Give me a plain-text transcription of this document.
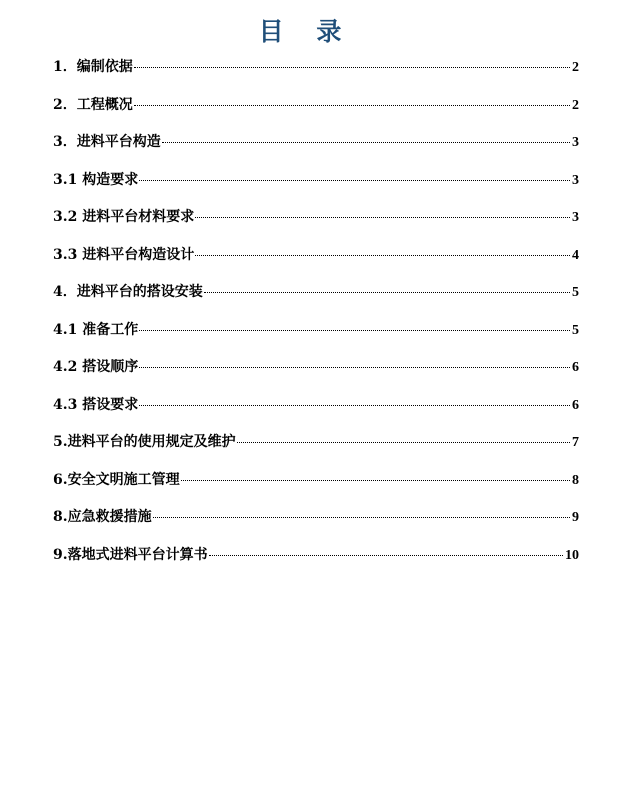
目 录
1．编制依据	2
2．工程概况	2
3．进料平台构造	3
3.1 构造要求	3
3.2 进料平台材料要求	3
3.3 进料平台构造设计	4
4．进料平台的搭设安装	5
4.1 准备工作	5
4.2 搭设顺序	6
4.3 搭设要求	6
5.进料平台的使用规定及维护	7
6.安全文明施工管理	8
8.应急救援措施	9
9.落地式进料平台计算书	10
